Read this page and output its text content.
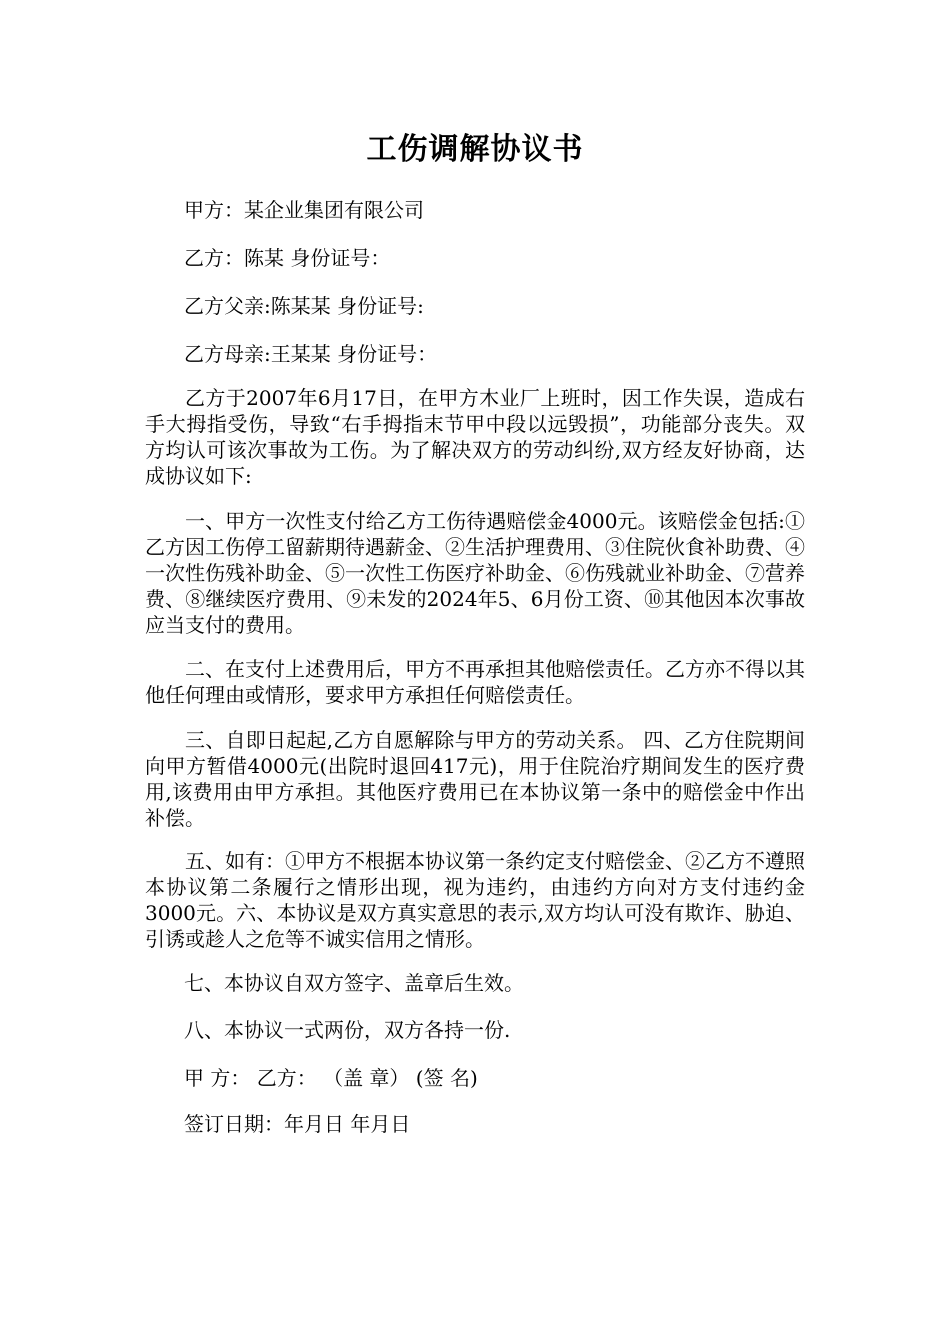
工伤调解协议书
甲方：某企业集团有限公司
乙方：陈某 身份证号：
乙方父亲:陈某某 身份证号:
乙方母亲:王某某 身份证号：
乙方于2007年6月17日，在甲方木业厂上班时，因工作失误，造成右手大拇指受伤，导致“右手拇指末节甲中段以远毁损”，功能部分丧失。双方均认可该次事故为工伤。为了解决双方的劳动纠纷,双方经友好协商，达成协议如下:
一、甲方一次性支付给乙方工伤待遇赔偿金4000元。该赔偿金包括:① 乙方因工伤停工留薪期待遇薪金、②生活护理费用、③住院伙食补助费、④一次性伤残补助金、⑤一次性工伤医疗补助金、⑥伤残就业补助金、⑦营养费、⑧继续医疗费用、⑨未发的2024年5、6月份工资、⑩其他因本次事故应当支付的费用。
二、在支付上述费用后，甲方不再承担其他赔偿责任。乙方亦不得以其他任何理由或情形，要求甲方承担任何赔偿责任。
三、自即日起起,乙方自愿解除与甲方的劳动关系。 四、乙方住院期间向甲方暂借4000元(出院时退回417元)，用于住院治疗期间发生的医疗费用,该费用由甲方承担。其他医疗费用已在本协议第一条中的赔偿金中作出补偿。
五、如有：①甲方不根据本协议第一条约定支付赔偿金、②乙方不遵照本协议第二条履行之情形出现，视为违约，由违约方向对方支付违约金3000元。六、本协议是双方真实意思的表示,双方均认可没有欺诈、胁迫、引诱或趁人之危等不诚实信用之情形。
七、本协议自双方签字、盖章后生效。
八、本协议一式两份，双方各持一份.
甲 方： 乙方： （盖 章） (签 名)
签订日期：年月日 年月日
